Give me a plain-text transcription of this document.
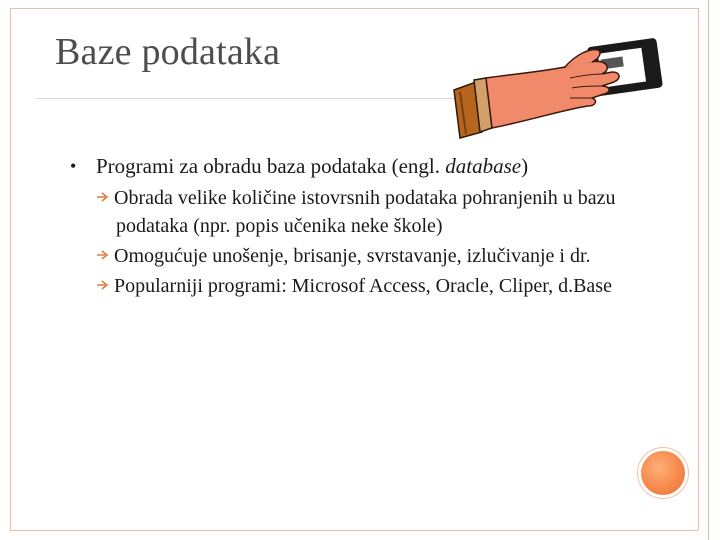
Baze podataka

• Programi za obradu baza podataka (engl. database)

Obrada velike količine istovrsnih podataka pohranjenih u bazu podataka (npr. popis učenika neke škole)
Omogućuje unošenje, brisanje, svrstavanje, izlučivanje i dr.
Popularniji programi: Microsof Access, Oracle, Cliper, d.Base
